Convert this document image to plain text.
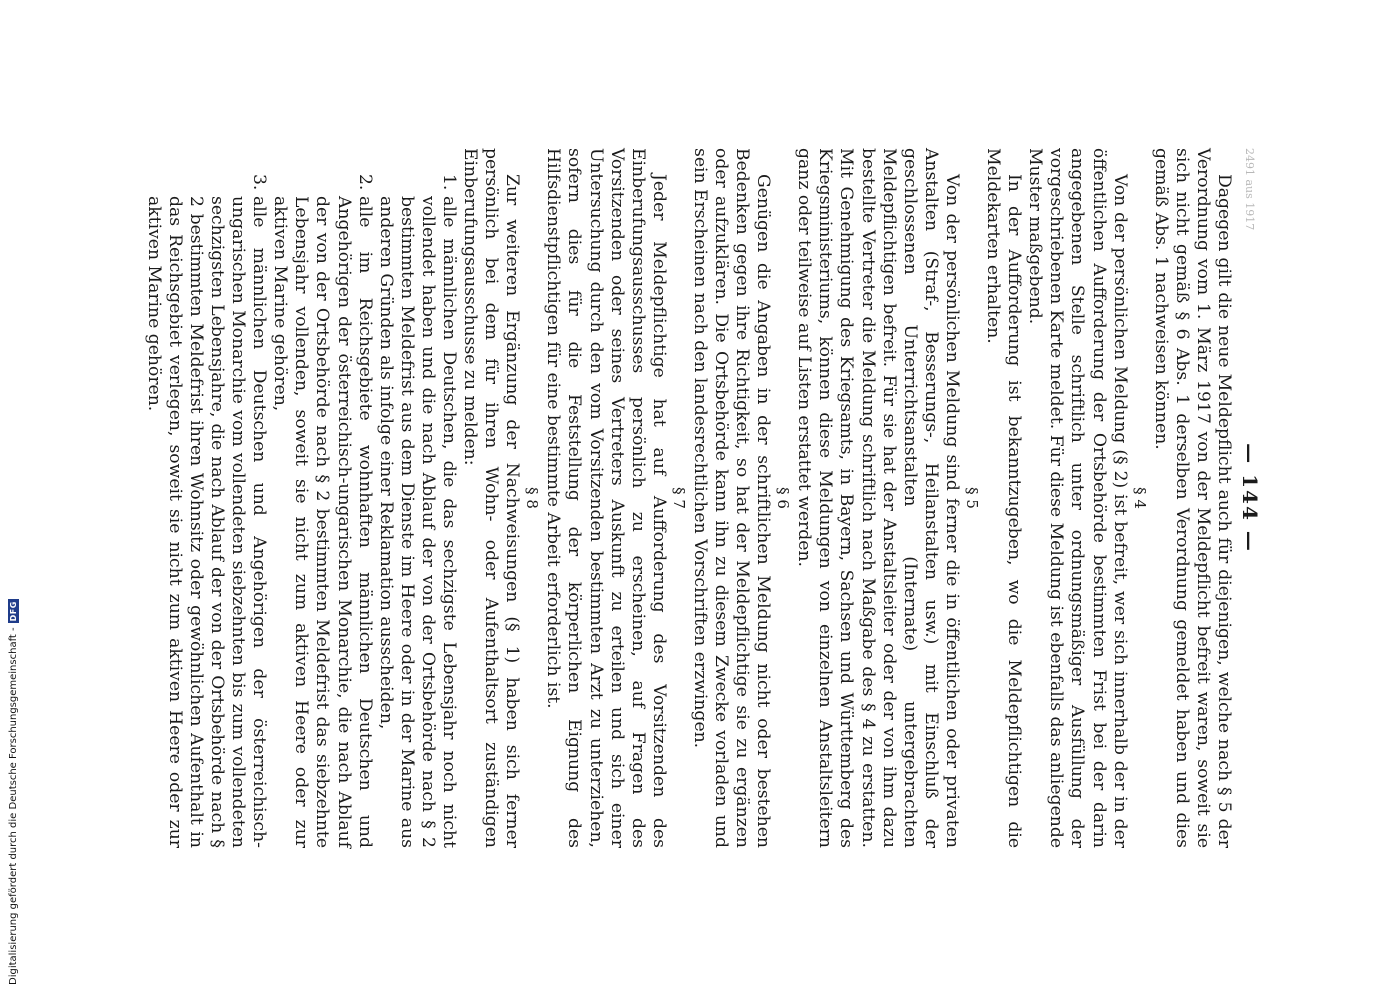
Digitalisierung gefördert durch die Deutsche Forschungsgemeinschaft -
DFG
2491 aus 1917
— 144 —

Dagegen gilt die neue Meldepflicht auch für diejenigen, welche nach § 5 der Verordnung vom 1. März 1917 von der Meldepflicht befreit waren, soweit sie sich nicht gemäß § 6 Abs. 1 derselben Verordnung gemeldet haben und dies gemäß Abs. 1 nachweisen können.

§ 4

Von der persönlichen Meldung (§ 2) ist befreit, wer sich innerhalb der in der öffentlichen Aufforderung der Ortsbehörde bestimmten Frist bei der darin angegebenen Stelle schriftlich unter ordnungsmäßiger Ausfüllung der vorgeschriebenen Karte meldet. Für diese Meldung ist ebenfalls das anliegende Muster maßgebend.

In der Aufforderung ist bekanntzugeben, wo die Meldepflichtigen die Meldekarten erhalten.

§ 5

Von der persönlichen Meldung sind ferner die in öffentlichen oder privaten Anstalten (Straf-, Besserungs-, Heilanstalten usw.) mit Einschluß der geschlossenen Unterrichtsanstalten (Internate) untergebrachten Meldepflichtigen befreit. Für sie hat der Anstaltsleiter oder der von ihm dazu bestellte Vertreter die Meldung schriftlich nach Maßgabe des § 4 zu erstatten. Mit Genehmigung des Kriegsamts, in Bayern, Sachsen und Württemberg des Kriegsministeriums, können diese Meldungen von einzelnen Anstaltsleitern ganz oder teilweise auf Listen erstattet werden.

§ 6

Genügen die Angaben in der schriftlichen Meldung nicht oder bestehen Bedenken gegen ihre Richtigkeit, so hat der Meldepflichtige sie zu ergänzen oder aufzuklären. Die Ortsbehörde kann ihn zu diesem Zwecke vorladen und sein Erscheinen nach den landesrechtlichen Vorschriften erzwingen.

§ 7

Jeder Meldepflichtige hat auf Aufforderung des Vorsitzenden des Einberufungsausschusses persönlich zu erscheinen, auf Fragen des Vorsitzenden oder seines Vertreters Auskunft zu erteilen und sich einer Untersuchung durch den vom Vorsitzenden bestimmten Arzt zu unterziehen, sofern dies für die Feststellung der körperlichen Eignung des Hilfsdienstpflichtigen für eine bestimmte Arbeit erforderlich ist.

§ 8

Zur weiteren Ergänzung der Nachweisungen (§ 1) haben sich ferner persönlich bei dem für ihren Wohn- oder Aufenthaltsort zuständigen Einberufungsausschusse zu melden:

1.
alle männlichen Deutschen, die das sechzigste Lebensjahr noch nicht vollendet haben und die nach Ablauf der von der Ortsbehörde nach § 2 bestimmten Meldefrist aus dem Dienste im Heere oder in der Marine aus anderen Gründen als infolge einer Reklamation ausscheiden,
2.
alle im Reichsgebiete wohnhaften männlichen Deutschen und Angehörigen der österreichisch-ungarischen Monarchie, die nach Ablauf der von der Ortsbehörde nach § 2 bestimmten Meldefrist das siebzehnte Lebensjahr vollenden, soweit sie nicht zum aktiven Heere oder zur aktiven Marine gehören,
3.
alle männlichen Deutschen und Angehörigen der österreichisch-ungarischen Monarchie vom vollendeten siebzehnten bis zum vollendeten sechzigsten Lebensjahre, die nach Ablauf der von der Ortsbehörde nach § 2 bestimmten Meldefrist ihren Wohnsitz oder gewöhnlichen Aufenthalt in das Reichsgebiet verlegen, soweit sie nicht zum aktiven Heere oder zur aktiven Marine gehören.
